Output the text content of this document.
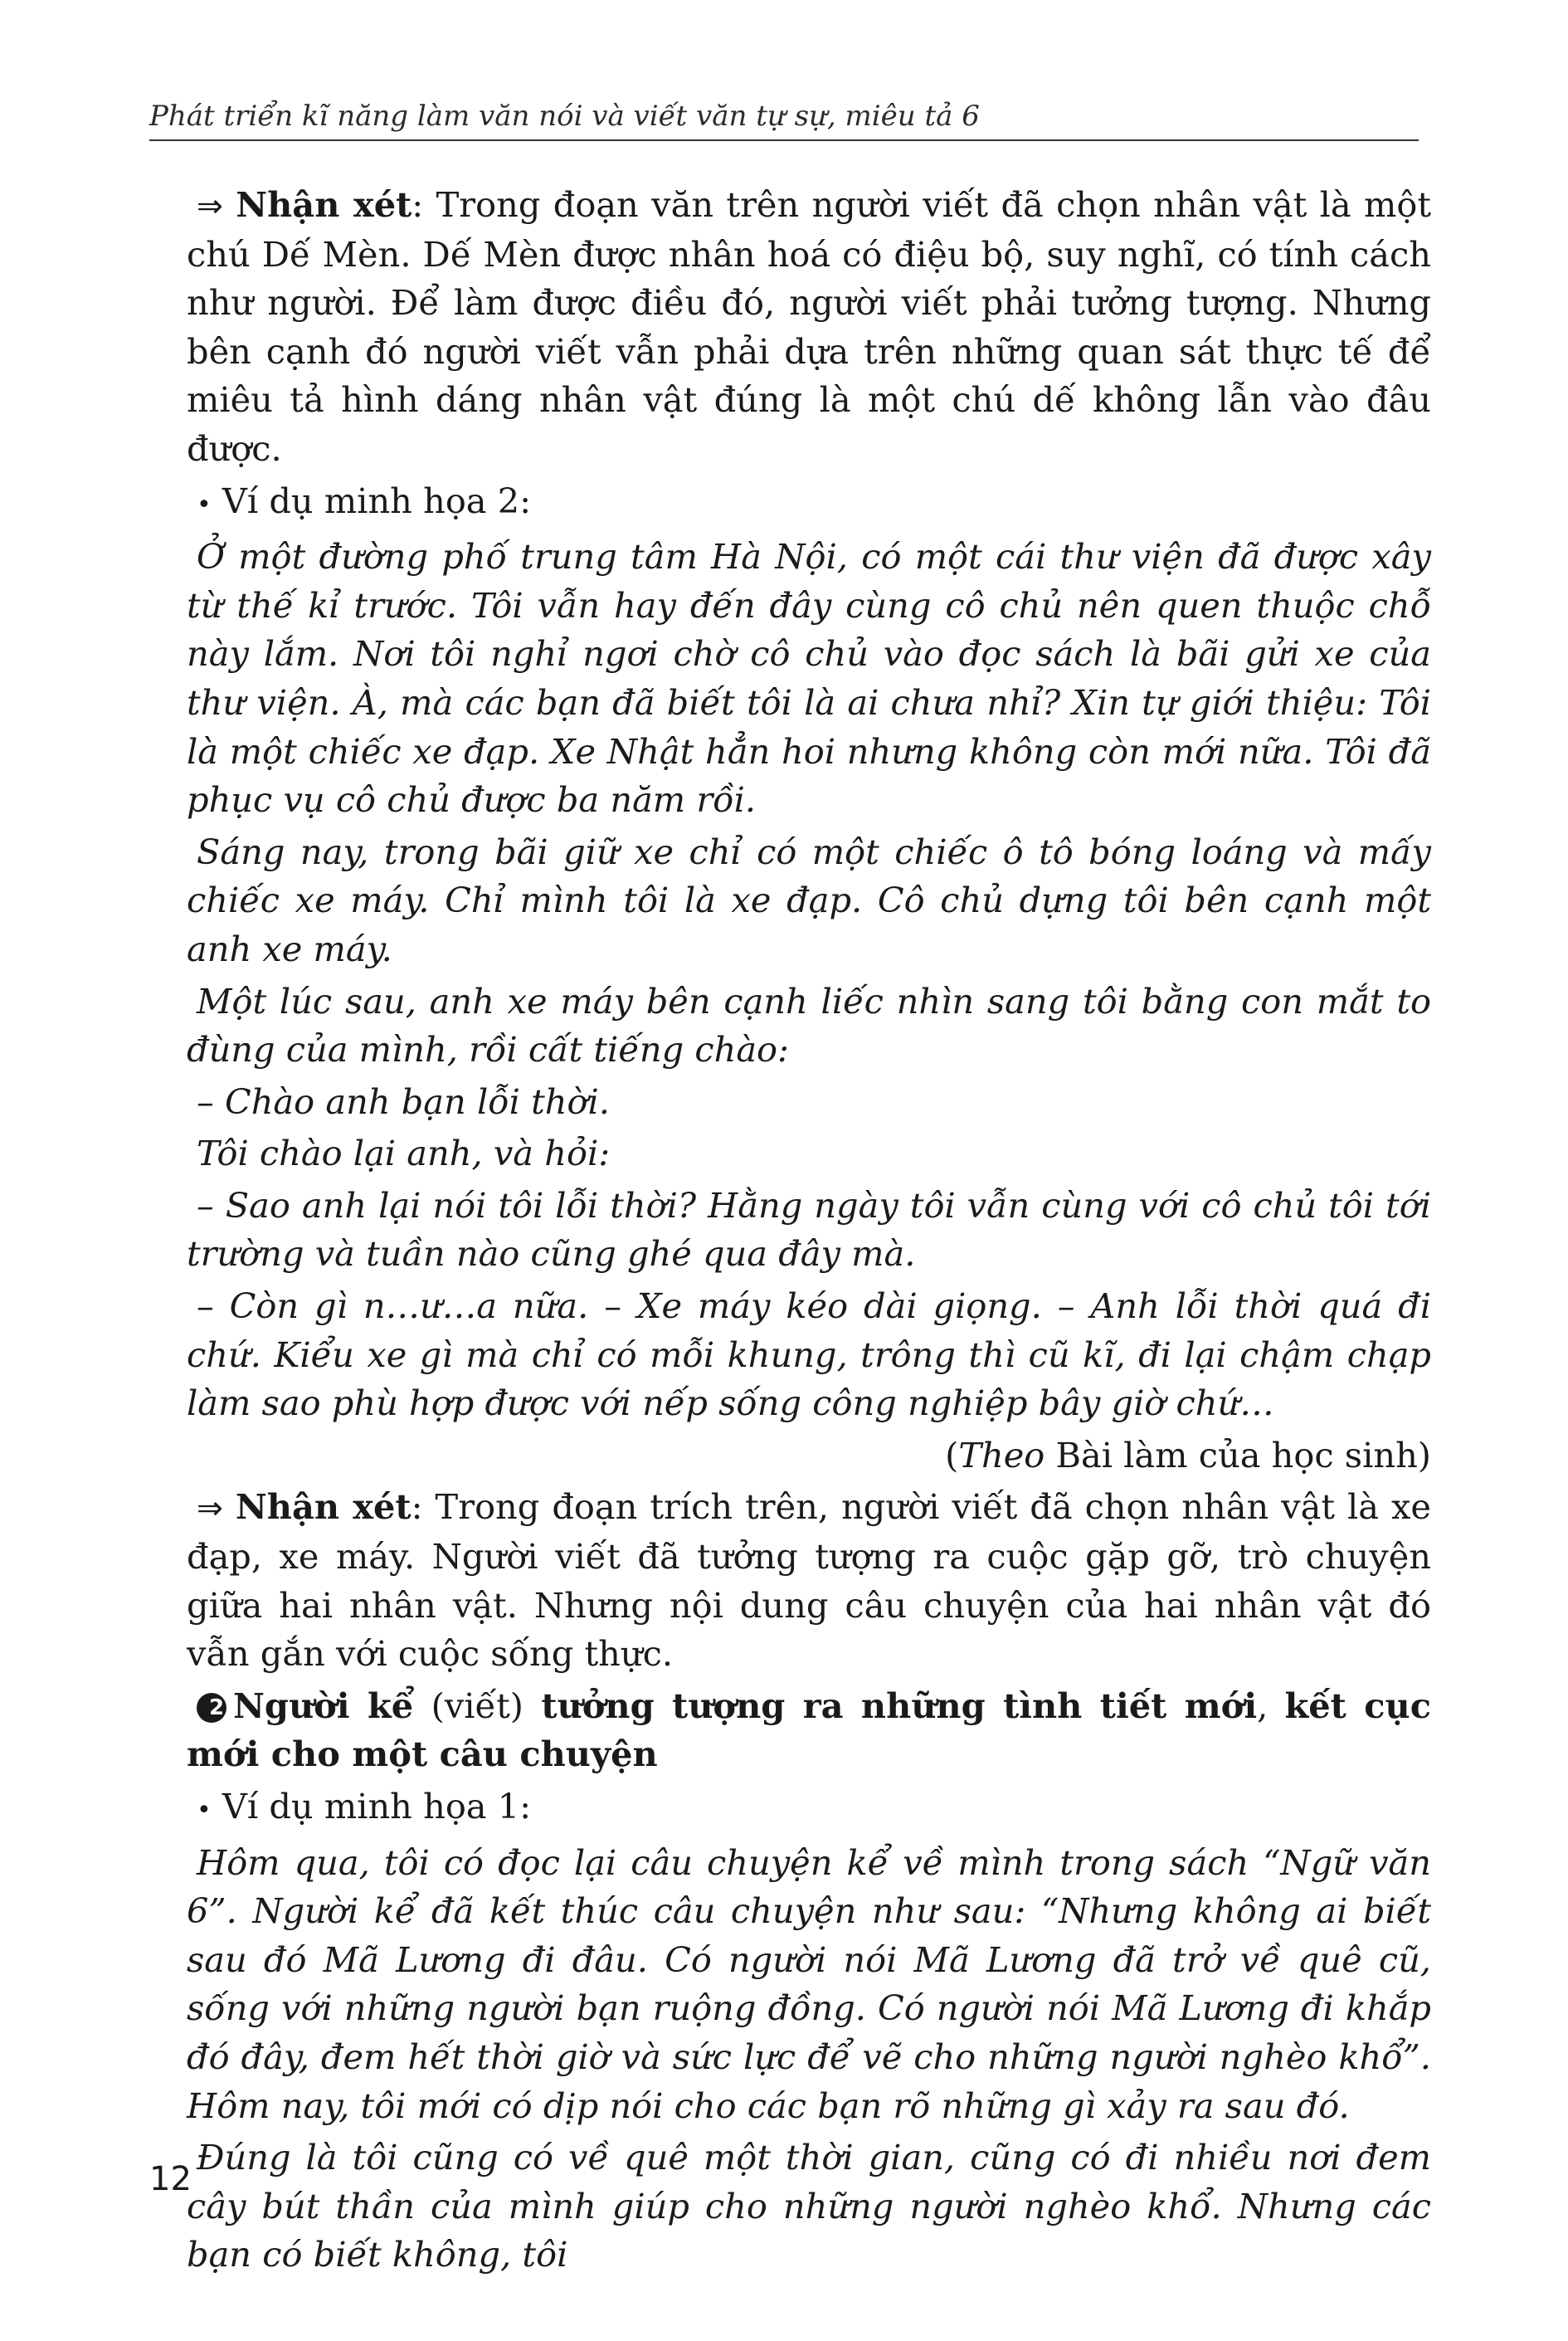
Phát triển kĩ năng làm văn nói và viết văn tự sự, miêu tả 6

⇒ Nhận xét: Trong đoạn văn trên người viết đã chọn nhân vật là một chú Dế Mèn. Dế Mèn được nhân hoá có điệu bộ, suy nghĩ, có tính cách như người. Để làm được điều đó, người viết phải tưởng tượng. Nhưng bên cạnh đó người viết vẫn phải dựa trên những quan sát thực tế để miêu tả hình dáng nhân vật đúng là một chú dế không lẫn vào đâu được.

• Ví dụ minh họa 2:

Ở một đường phố trung tâm Hà Nội, có một cái thư viện đã được xây từ thế kỉ trước. Tôi vẫn hay đến đây cùng cô chủ nên quen thuộc chỗ này lắm. Nơi tôi nghỉ ngơi chờ cô chủ vào đọc sách là bãi gửi xe của thư viện. À, mà các bạn đã biết tôi là ai chưa nhỉ? Xin tự giới thiệu: Tôi là một chiếc xe đạp. Xe Nhật hẳn hoi nhưng không còn mới nữa. Tôi đã phục vụ cô chủ được ba năm rồi.

Sáng nay, trong bãi giữ xe chỉ có một chiếc ô tô bóng loáng và mấy chiếc xe máy. Chỉ mình tôi là xe đạp. Cô chủ dựng tôi bên cạnh một anh xe máy.

Một lúc sau, anh xe máy bên cạnh liếc nhìn sang tôi bằng con mắt to đùng của mình, rồi cất tiếng chào:

– Chào anh bạn lỗi thời.

Tôi chào lại anh, và hỏi:

– Sao anh lại nói tôi lỗi thời? Hằng ngày tôi vẫn cùng với cô chủ tôi tới trường và tuần nào cũng ghé qua đây mà.

– Còn gì n…ư…a nữa. – Xe máy kéo dài giọng. – Anh lỗi thời quá đi chứ. Kiểu xe gì mà chỉ có mỗi khung, trông thì cũ kĩ, đi lại chậm chạp làm sao phù hợp được với nếp sống công nghiệp bây giờ chứ…

(Theo Bài làm của học sinh)

⇒ Nhận xét: Trong đoạn trích trên, người viết đã chọn nhân vật là xe đạp, xe máy. Người viết đã tưởng tượng ra cuộc gặp gỡ, trò chuyện giữa hai nhân vật. Nhưng nội dung câu chuyện của hai nhân vật đó vẫn gắn với cuộc sống thực.

2 Người kể (viết) tưởng tượng ra những tình tiết mới, kết cục mới cho một câu chuyện

• Ví dụ minh họa 1:

Hôm qua, tôi có đọc lại câu chuyện kể về mình trong sách “Ngữ văn 6”. Người kể đã kết thúc câu chuyện như sau: “Nhưng không ai biết sau đó Mã Lương đi đâu. Có người nói Mã Lương đã trở về quê cũ, sống với những người bạn ruộng đồng. Có người nói Mã Lương đi khắp đó đây, đem hết thời giờ và sức lực để vẽ cho những người nghèo khổ”. Hôm nay, tôi mới có dịp nói cho các bạn rõ những gì xảy ra sau đó.

Đúng là tôi cũng có về quê một thời gian, cũng có đi nhiều nơi đem cây bút thần của mình giúp cho những người nghèo khổ. Nhưng các bạn có biết không, tôi

12
